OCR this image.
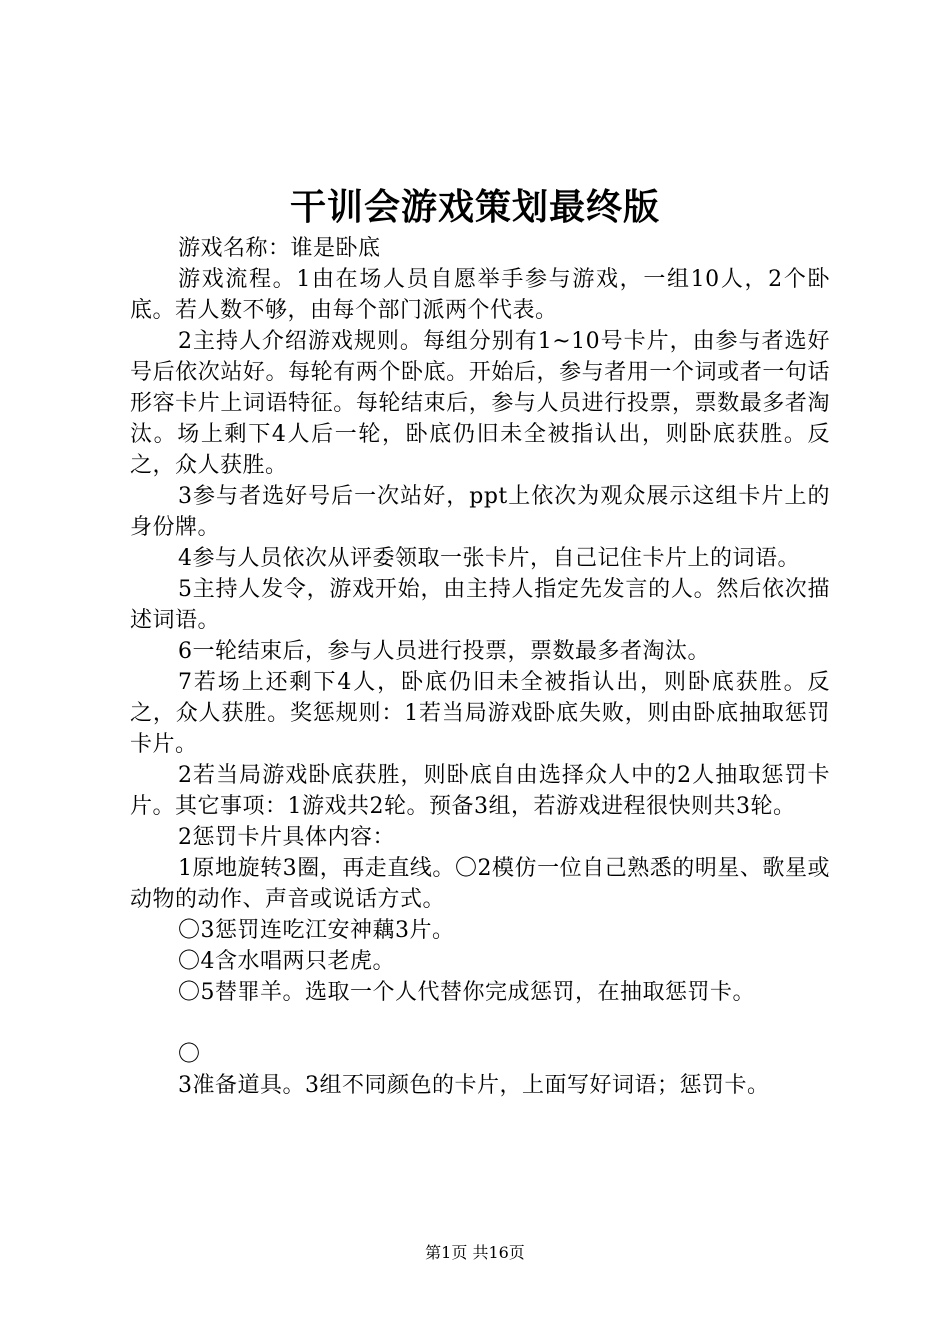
干训会游戏策划最终版

游戏名称：谁是卧底

游戏流程。1由在场人员自愿举手参与游戏，一组10人，2个卧底。若人数不够，由每个部门派两个代表。

2主持人介绍游戏规则。每组分别有1~10号卡片，由参与者选好号后依次站好。每轮有两个卧底。开始后，参与者用一个词或者一句话形容卡片上词语特征。每轮结束后，参与人员进行投票，票数最多者淘汰。场上剩下4人后一轮，卧底仍旧未全被指认出，则卧底获胜。反之，众人获胜。

3参与者选好号后一次站好，ppt上依次为观众展示这组卡片上的身份牌。

4参与人员依次从评委领取一张卡片，自己记住卡片上的词语。

5主持人发令，游戏开始，由主持人指定先发言的人。然后依次描述词语。

6一轮结束后，参与人员进行投票，票数最多者淘汰。

7若场上还剩下4人，卧底仍旧未全被指认出，则卧底获胜。反之，众人获胜。奖惩规则：1若当局游戏卧底失败，则由卧底抽取惩罚卡片。

2若当局游戏卧底获胜，则卧底自由选择众人中的2人抽取惩罚卡片。其它事项：1游戏共2轮。预备3组，若游戏进程很快则共3轮。

2惩罚卡片具体内容：

1原地旋转3圈，再走直线。〇2模仿一位自己熟悉的明星、歌星或动物的动作、声音或说话方式。

〇3惩罚连吃江安神藕3片。

〇4含水唱两只老虎。

〇5替罪羊。选取一个人代替你完成惩罚，在抽取惩罚卡。

〇

3准备道具。3组不同颜色的卡片，上面写好词语；惩罚卡。

第1页 共16页
